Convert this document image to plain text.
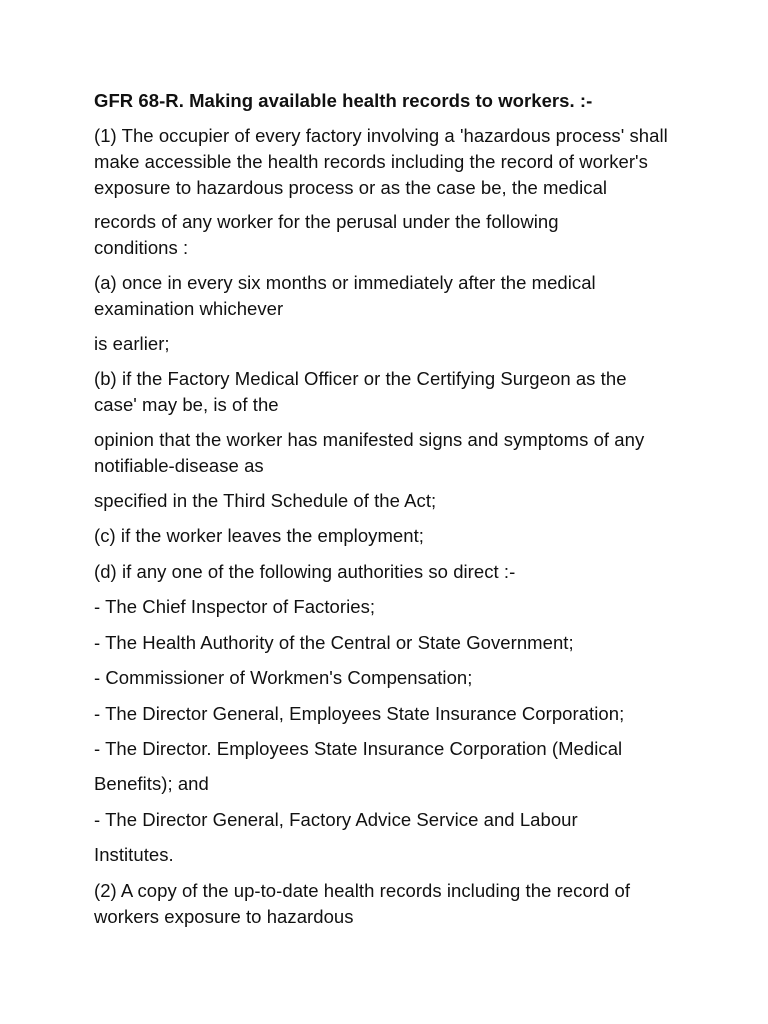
GFR 68-R. Making available health records to workers. :-
(1) The occupier of every factory involving a 'hazardous process' shall
make accessible the health records including the record of worker's
exposure to hazardous process or as the case be, the medical
records of any worker for the perusal under the following
conditions :
(a) once in every six months or immediately after the medical
examination whichever
is earlier;
(b) if the Factory Medical Officer or the Certifying Surgeon as the
case' may be, is of the
opinion that the worker has manifested signs and symptoms of any
notifiable-disease as
specified in the Third Schedule of the Act;
(c) if the worker leaves the employment;
(d) if any one of the following authorities so direct :-
- The Chief Inspector of Factories;
- The Health Authority of the Central or State Government;
- Commissioner of Workmen's Compensation;
- The Director General, Employees State Insurance Corporation;
- The Director. Employees State Insurance Corporation (Medical
Benefits); and
- The Director General, Factory Advice Service and Labour
Institutes.
(2) A copy of the up-to-date health records including the record of
workers exposure to hazardous
